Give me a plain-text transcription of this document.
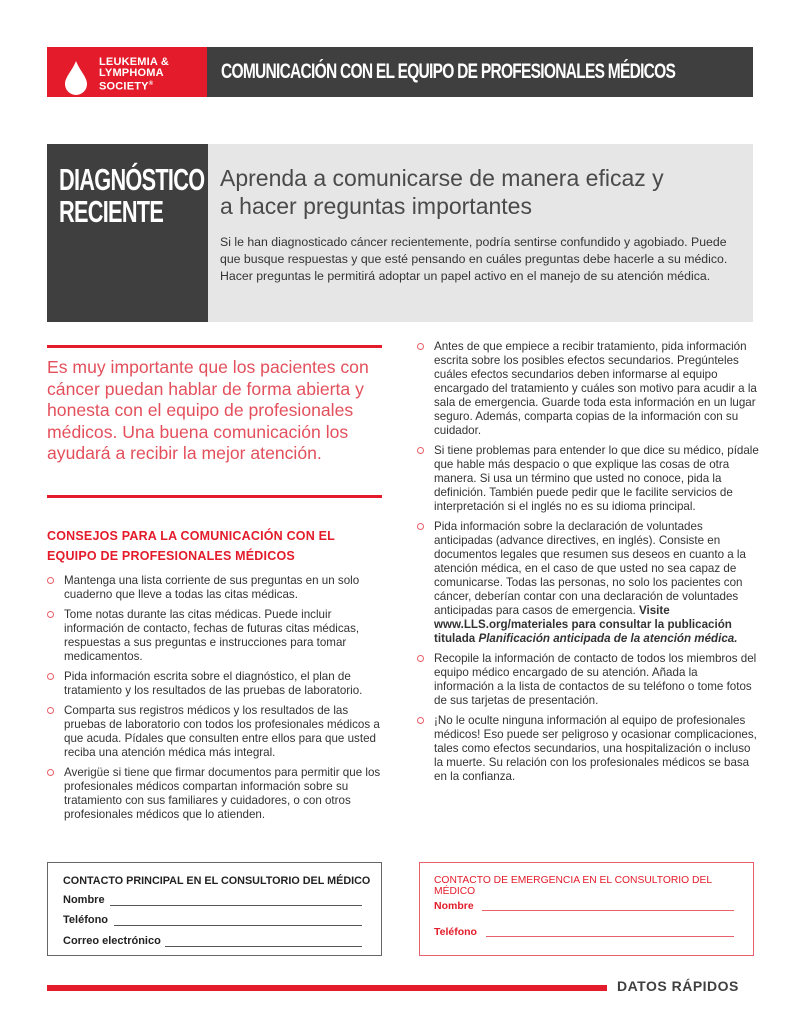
LEUKEMIA &
LYMPHOMA
SOCIETY®
COMUNICACIÓN CON EL EQUIPO DE PROFESIONALES MÉDICOS
DIAGNÓSTICO
RECIENTE
Aprenda a comunicarse de manera eficaz y
a hacer preguntas importantes
Si le han diagnosticado cáncer recientemente, podría sentirse confundido y agobiado. Puede que busque respuestas y que esté pensando en cuáles preguntas debe hacerle a su médico. Hacer preguntas le permitirá adoptar un papel activo en el manejo de su atención médica.
Es muy importante que los pacientes con cáncer puedan hablar de forma abierta y honesta con el equipo de profesionales médicos. Una buena comunicación los ayudará a recibir la mejor atención.
CONSEJOS PARA LA COMUNICACIÓN CON EL EQUIPO DE PROFESIONALES MÉDICOS
Mantenga una lista corriente de sus preguntas en un solo cuaderno que lleve a todas las citas médicas.
Tome notas durante las citas médicas. Puede incluir información de contacto, fechas de futuras citas médicas, respuestas a sus preguntas e instrucciones para tomar medicamentos.
Pida información escrita sobre el diagnóstico, el plan de tratamiento y los resultados de las pruebas de laboratorio.
Comparta sus registros médicos y los resultados de las pruebas de laboratorio con todos los profesionales médicos a que acuda. Pídales que consulten entre ellos para que usted reciba una atención médica más integral.
Averigüe si tiene que firmar documentos para permitir que los profesionales médicos compartan información sobre su tratamiento con sus familiares y cuidadores, o con otros profesionales médicos que lo atienden.
Antes de que empiece a recibir tratamiento, pida información escrita sobre los posibles efectos secundarios. Pregúnteles cuáles efectos secundarios deben informarse al equipo encargado del tratamiento y cuáles son motivo para acudir a la sala de emergencia. Guarde toda esta información en un lugar seguro. Además, comparta copias de la información con su cuidador.
Si tiene problemas para entender lo que dice su médico, pídale que hable más despacio o que explique las cosas de otra manera. Si usa un término que usted no conoce, pida la definición. También puede pedir que le facilite servicios de interpretación si el inglés no es su idioma principal.
Pida información sobre la declaración de voluntades anticipadas (advance directives, en inglés). Consiste en documentos legales que resumen sus deseos en cuanto a la atención médica, en el caso de que usted no sea capaz de comunicarse. Todas las personas, no solo los pacientes con cáncer, deberían contar con una declaración de voluntades anticipadas para casos de emergencia. Visite www.LLS.org/materiales para consultar la publicación titulada Planificación anticipada de la atención médica.
Recopile la información de contacto de todos los miembros del equipo médico encargado de su atención. Añada la información a la lista de contactos de su teléfono o tome fotos de sus tarjetas de presentación.
¡No le oculte ninguna información al equipo de profesionales médicos! Eso puede ser peligroso y ocasionar complicaciones, tales como efectos secundarios, una hospitalización o incluso la muerte. Su relación con los profesionales médicos se basa en la confianza.
CONTACTO PRINCIPAL EN EL CONSULTORIO DEL MÉDICO
Nombre
Teléfono
Correo electrónico
CONTACTO DE EMERGENCIA EN EL CONSULTORIO DEL MÉDICO
Nombre
Teléfono
DATOS RÁPIDOS
